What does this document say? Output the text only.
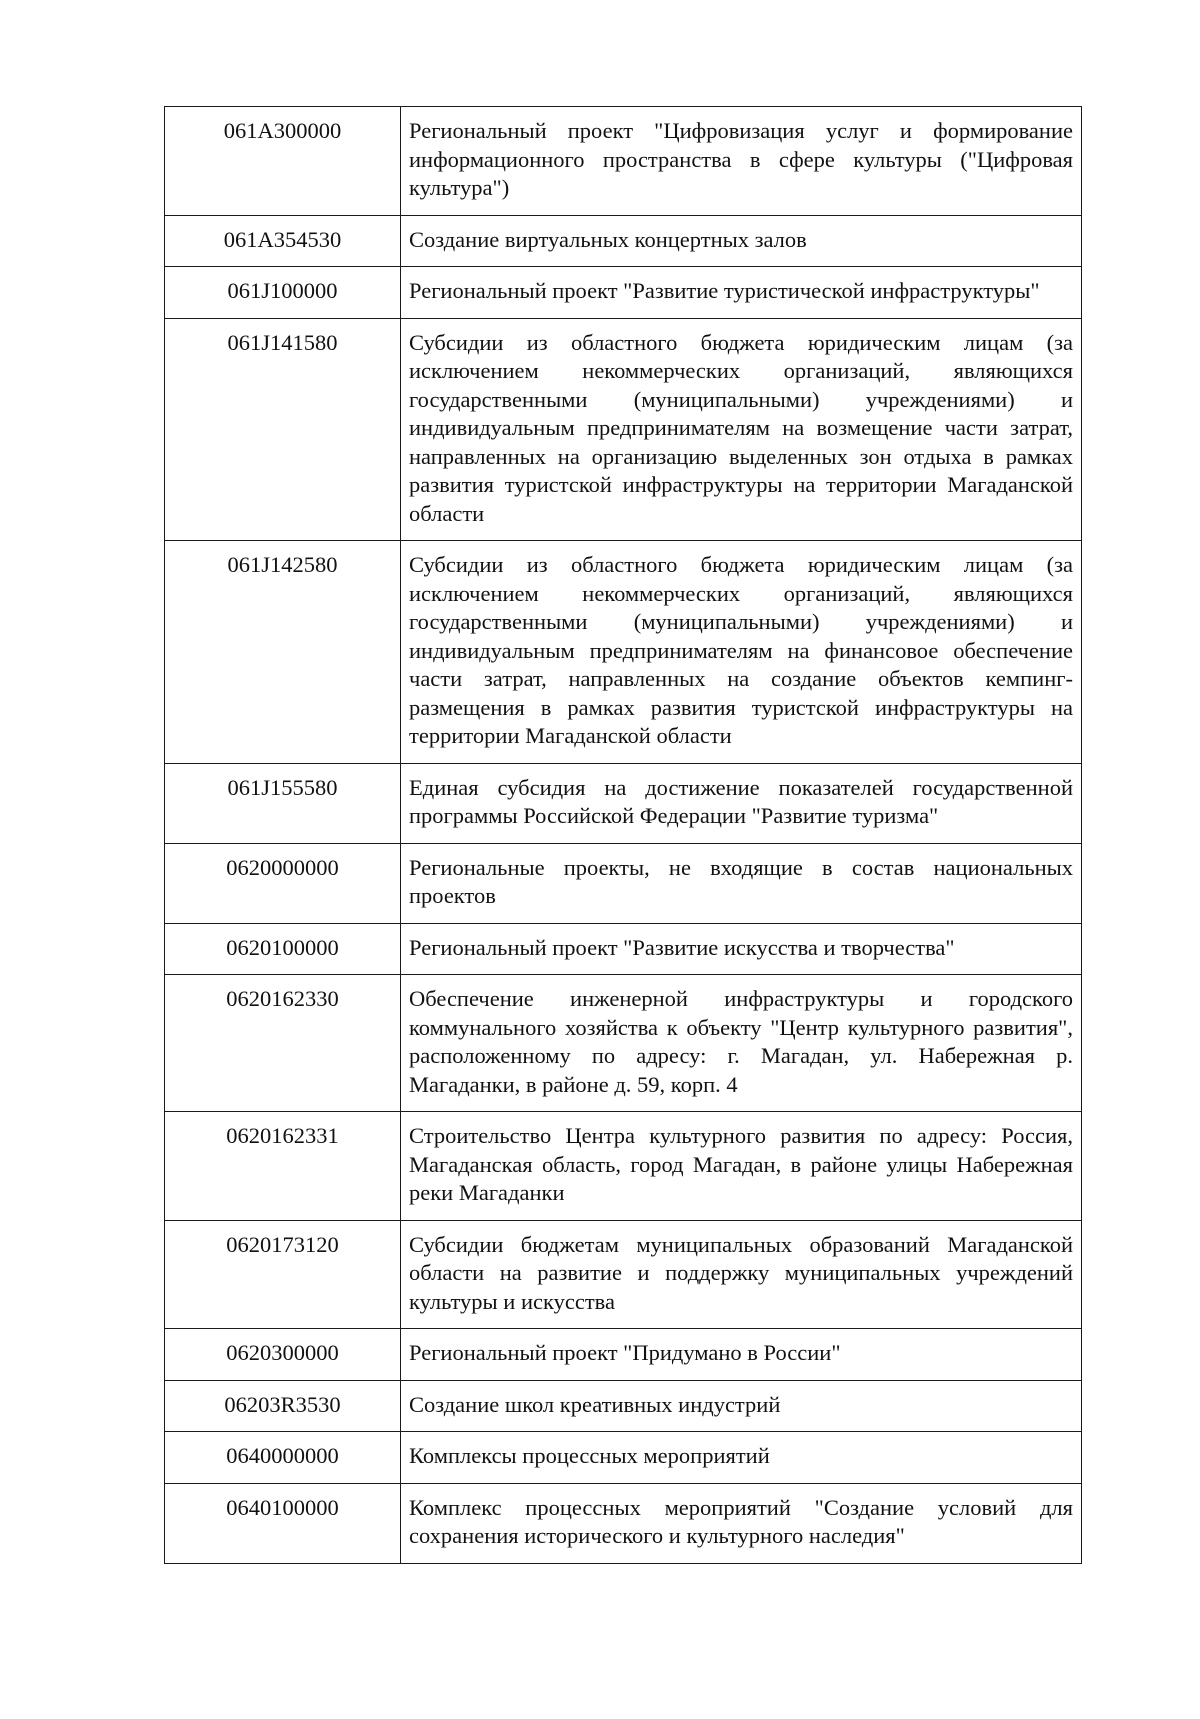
061A300000	Региональный проект "Цифровизация услуг и формирование информационного пространства в сфере культуры ("Цифровая культура")
061A354530	Создание виртуальных концертных залов
061J100000	Региональный проект "Развитие туристической инфраструктуры"
061J141580	Субсидии из областного бюджета юридическим лицам (за исключением некоммерческих организаций, являющихся государственными (муниципальными) учреждениями) и индивидуальным предпринимателям на возмещение части затрат, направленных на организацию выделенных зон отдыха в рамках развития туристской инфраструктуры на территории Магаданской области
061J142580	Субсидии из областного бюджета юридическим лицам (за исключением некоммерческих организаций, являющихся государственными (муниципальными) учреждениями) и индивидуальным предпринимателям на финансовое обеспечение части затрат, направленных на создание объектов кемпинг-размещения в рамках развития туристской инфраструктуры на территории Магаданской области
061J155580	Единая субсидия на достижение показателей государственной программы Российской Федерации "Развитие туризма"
0620000000	Региональные проекты, не входящие в состав национальных проектов
0620100000	Региональный проект "Развитие искусства и творчества"
0620162330	Обеспечение инженерной инфраструктуры и городского коммунального хозяйства к объекту "Центр культурного развития", расположенному по адресу: г. Магадан, ул. Набережная р. Магаданки, в районе д. 59, корп. 4
0620162331	Строительство Центра культурного развития по адресу: Россия, Магаданская область, город Магадан, в районе улицы Набережная реки Магаданки
0620173120	Субсидии бюджетам муниципальных образований Магаданской области на развитие и поддержку муниципальных учреждений культуры и искусства
0620300000	Региональный проект "Придумано в России"
06203R3530	Создание школ креативных индустрий
0640000000	Комплексы процессных мероприятий
0640100000	Комплекс процессных мероприятий "Создание условий для сохранения исторического и культурного наследия"
